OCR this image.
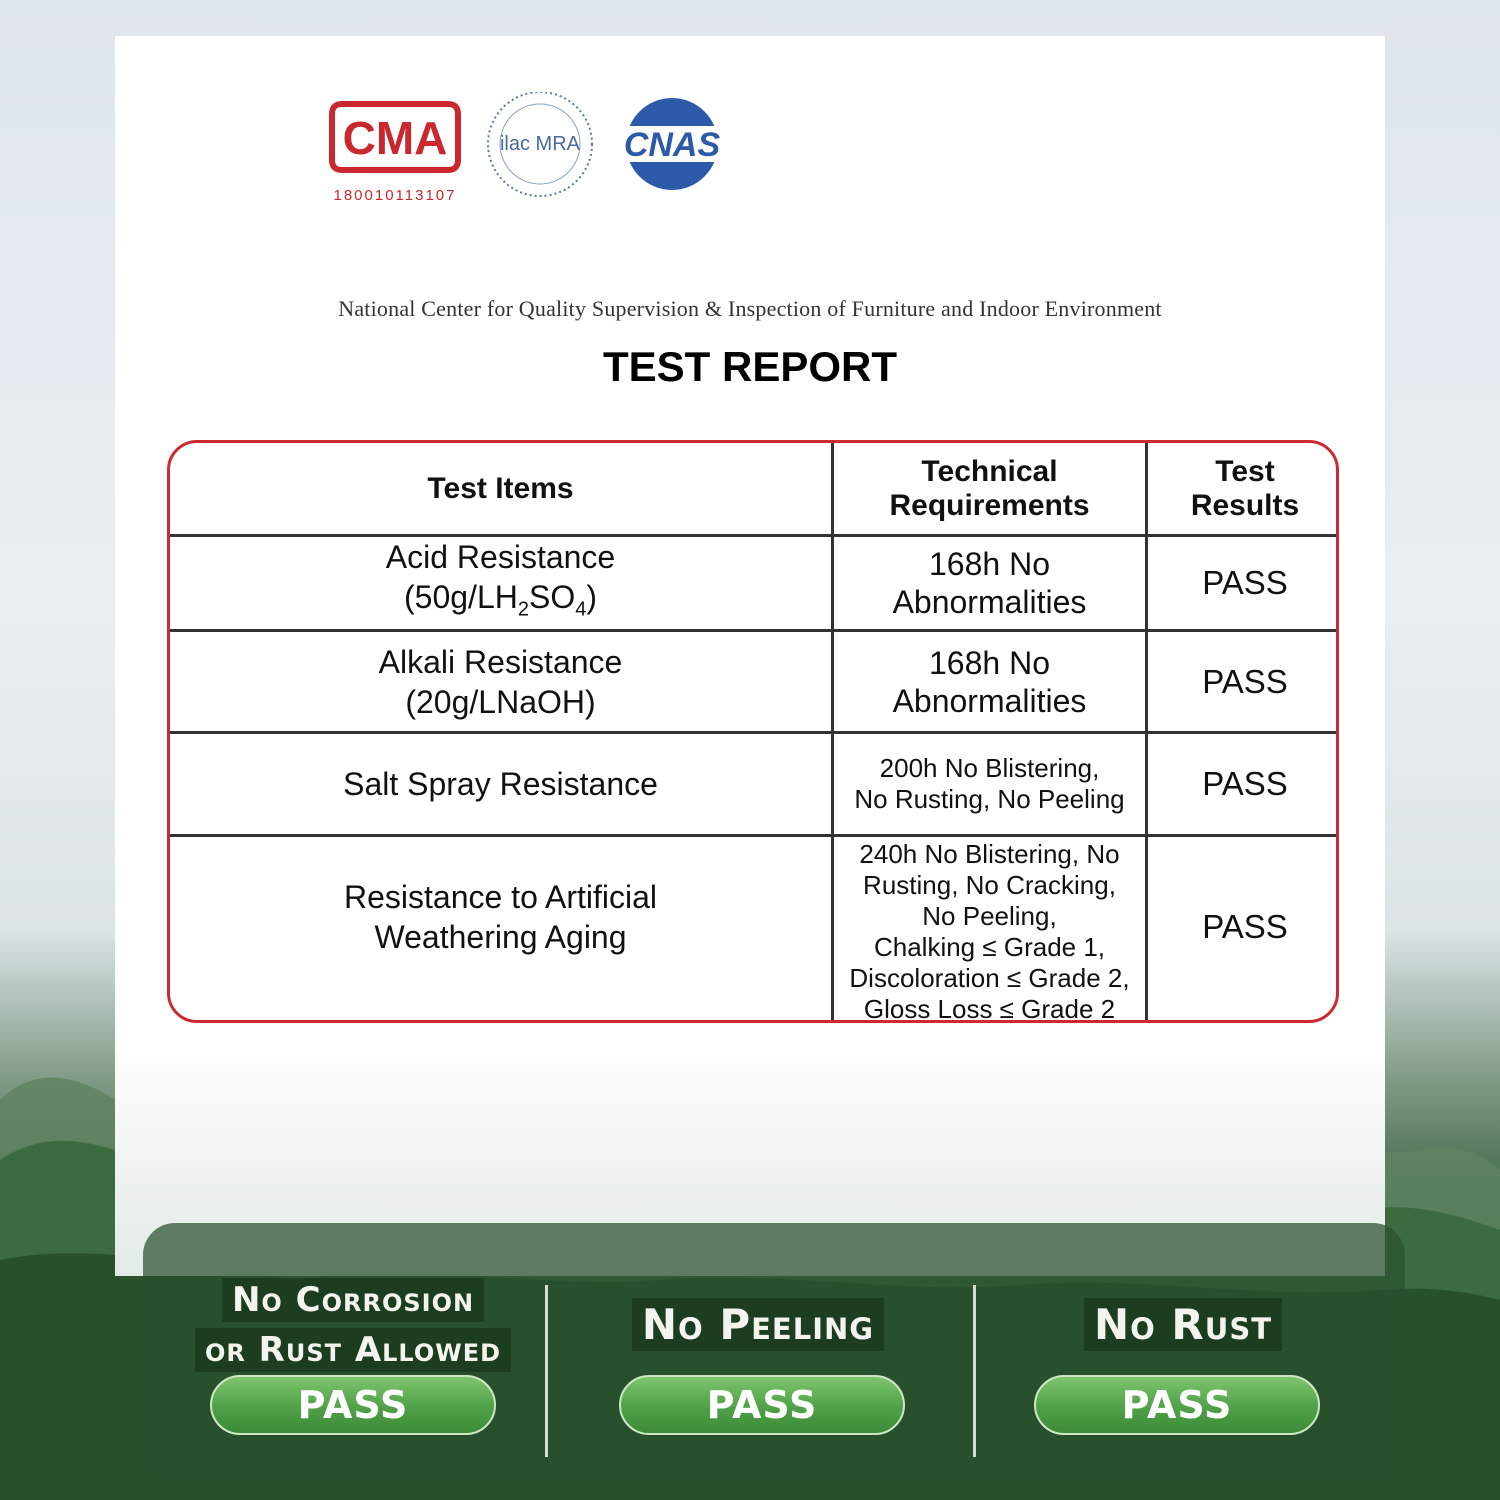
CMA
180010113107
ilac MRA CNAS
National Center for Quality Supervision & Inspection of Furniture and Indoor Environment
TEST REPORT
Test Items
Technical
Requirements
Test
Results
Acid Resistance
$(50g/LH_2SO_4)$
168h No
Abnormalities
PASS
Alkali Resistance
(20g/LNaOH)
168h No
Abnormalities
PASS
Salt Spray Resistance	200h No Blistering,
No Rusting, No Peeling PASS
Resistance to Artificial
Weathering Aging
240h No Blistering, No
Rusting, No Cracking,
No Peeling,
Chalking ≤ Grade 1,
Discoloration ≤ Grade 2,
Gloss Loss ≤ Grade 2
PASS
No Corrosion
or Rust Allowed
PASS
No Peeling
PASS
No Rust
PASS
